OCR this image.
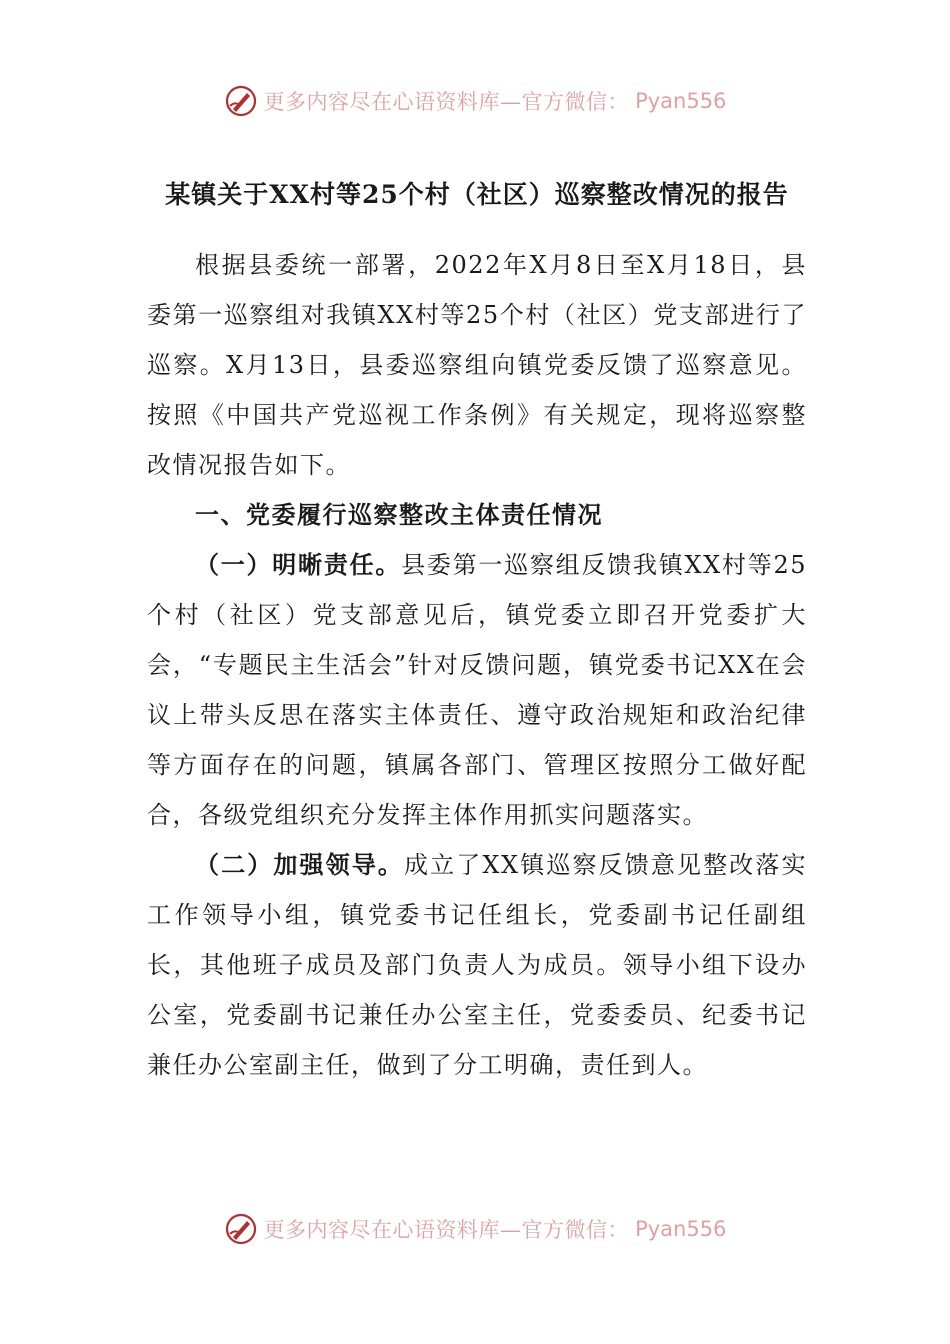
更多内容尽在心语资料库—官方微信： Pyan556
某镇关于XX村等25个村（社区）巡察整改情况的报告

根据县委统一部署，2022年X月8日至X月18日，县委第一巡察组对我镇XX村等25个村（社区）党支部进行了巡察。X月13日，县委巡察组向镇党委反馈了巡察意见。按照《中国共产党巡视工作条例》有关规定，现将巡察整改情况报告如下。

一、党委履行巡察整改主体责任情况

（一）明晰责任。县委第一巡察组反馈我镇XX村等25个村（社区）党支部意见后，镇党委立即召开党委扩大会，“专题民主生活会”针对反馈问题，镇党委书记XX在会议上带头反思在落实主体责任、遵守政治规矩和政治纪律等方面存在的问题，镇属各部门、管理区按照分工做好配合，各级党组织充分发挥主体作用抓实问题落实。

（二）加强领导。成立了XX镇巡察反馈意见整改落实工作领导小组，镇党委书记任组长，党委副书记任副组长，其他班子成员及部门负责人为成员。领导小组下设办公室，党委副书记兼任办公室主任，党委委员、纪委书记兼任办公室副主任，做到了分工明确，责任到人。

更多内容尽在心语资料库—官方微信： Pyan556
